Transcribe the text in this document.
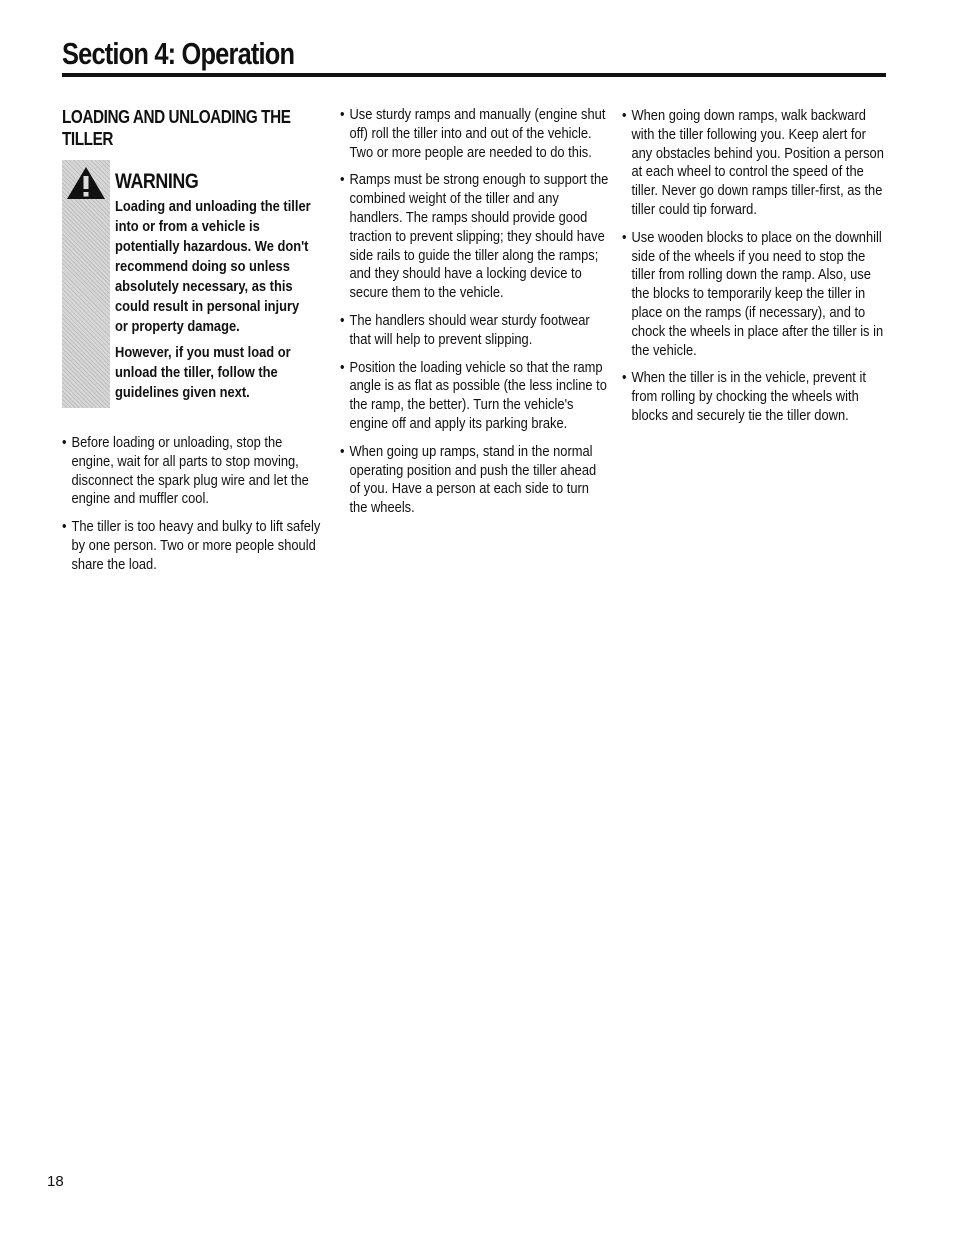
Section 4: Operation
LOADING AND UNLOADING THE TILLER
WARNING

Loading and unloading the tiller into or from a vehicle is potentially hazardous. We don't recommend doing so unless absolutely necessary, as this could result in personal injury or property damage.

However, if you must load or unload the tiller, follow the guidelines given next.

• Before loading or unloading, stop the engine, wait for all parts to stop moving, disconnect the spark plug wire and let the engine and muffler cool.
• The tiller is too heavy and bulky to lift safely by one person. Two or more people should share the load.
• Use sturdy ramps and manually (engine shut off) roll the tiller into and out of the vehicle. Two or more people are needed to do this.
• Ramps must be strong enough to support the combined weight of the tiller and any handlers. The ramps should provide good traction to prevent slipping; they should have side rails to guide the tiller along the ramps; and they should have a locking device to secure them to the vehicle.
• The handlers should wear sturdy footwear that will help to prevent slipping.
• Position the loading vehicle so that the ramp angle is as flat as possible (the less incline to the ramp, the better). Turn the vehicle's engine off and apply its parking brake.
• When going up ramps, stand in the normal operating position and push the tiller ahead of you. Have a person at each side to turn the wheels.
• When going down ramps, walk backward with the tiller following you. Keep alert for any obstacles behind you. Position a person at each wheel to control the speed of the tiller. Never go down ramps tiller-first, as the tiller could tip forward.
• Use wooden blocks to place on the downhill side of the wheels if you need to stop the tiller from rolling down the ramp. Also, use the blocks to temporarily keep the tiller in place on the ramps (if necessary), and to chock the wheels in place after the tiller is in the vehicle.
• When the tiller is in the vehicle, prevent it from rolling by chocking the wheels with blocks and securely tie the tiller down.
18
